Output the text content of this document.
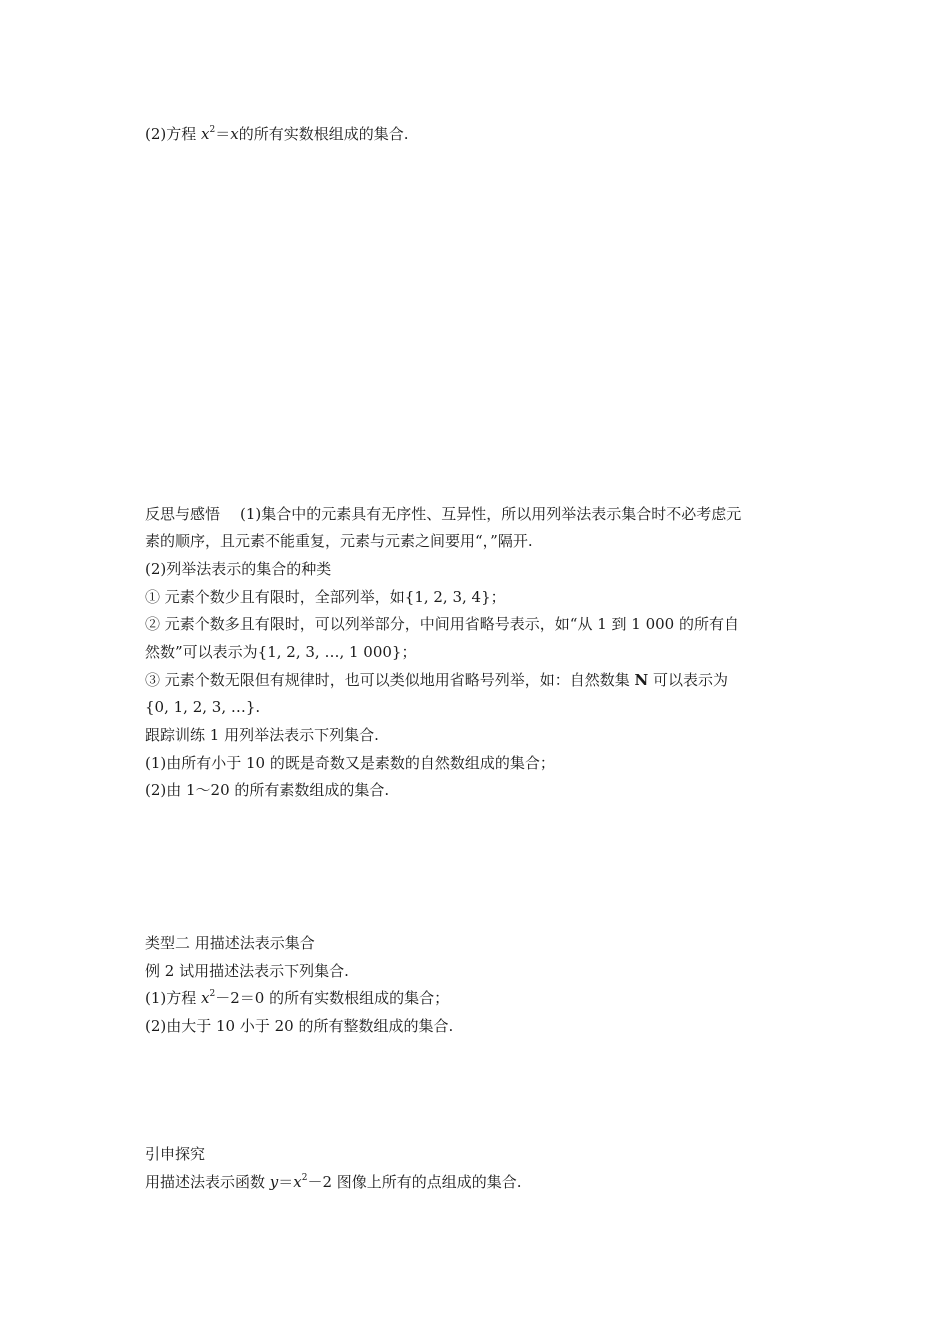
(2)方程 $x^2=x$的所有实数根组成的集合.
反思与感悟 (1)集合中的元素具有无序性、互异性，所以用列举法表示集合时不必考虑元
素的顺序，且元素不能重复，元素与元素之间要用“，”隔开.
(2)列举法表示的集合的种类
① 元素个数少且有限时，全部列举，如{1, 2, 3, 4}；
② 元素个数多且有限时，可以列举部分，中间用省略号表示，如“从 1 到 1 000 的所有自
然数”可以表示为{1, 2, 3, …, 1 000}；
③ 元素个数无限但有规律时，也可以类似地用省略号列举，如：自然数集 N 可以表示为
{0, 1, 2, 3, …}.
跟踪训练 1 用列举法表示下列集合.
(1)由所有小于 10 的既是奇数又是素数的自然数组成的集合；
(2)由 1～20 的所有素数组成的集合.
类型二 用描述法表示集合
例 2 试用描述法表示下列集合.
(1)方程 $x^2-2=0$ 的所有实数根组成的集合；
(2)由大于 10 小于 20 的所有整数组成的集合.
引申探究
用描述法表示函数 $y=x^2-2$ 图像上所有的点组成的集合.
